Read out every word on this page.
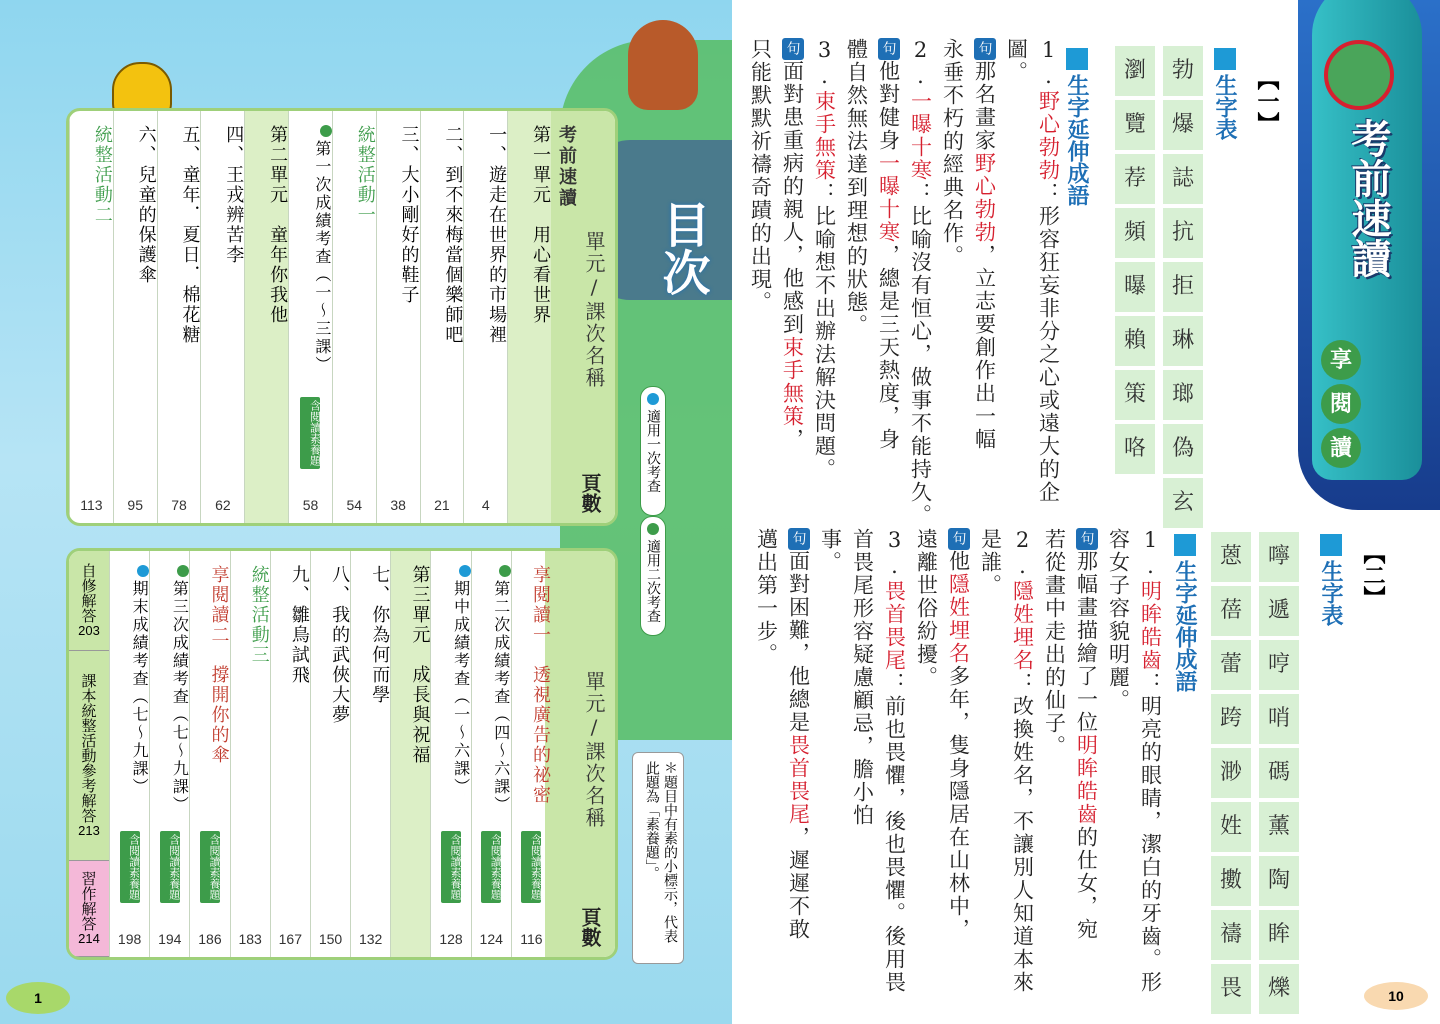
目次
適用一次考查
適用二次考查
＊題目中有素的小標示，代表此題為「素養題」。
考前速讀
單元/課次名稱
頁數
第一單元　用心看世界
一、遊走在世界的市場裡
4
二、到不來梅當個樂師吧
21
三、大小剛好的鞋子
38
統整活動一
54
第一次成績考查（一～三課）
含閱讀素養題
58
第二單元　童年你我他
四、王戎辨苦李
62
五、童年．夏日．棉花糖
78
六、兒童的保護傘
95
統整活動二
113
單元/課次名稱
頁數
享閱讀一　透視廣告的祕密
含閱讀素養題
116
第二次成績考查（四～六課）
含閱讀素養題
124
期中成績考查（一～六課）
含閱讀素養題
128
第三單元　成長與祝福
七、你為何而學
132
八、我的武俠大夢
150
九、雛鳥試飛
167
統整活動三
183
享閱讀二　撐開你的傘
含閱讀素養題
186
第三次成績考查（七～九課）
含閱讀素養題
194
期末成績考查（七～九課）
含閱讀素養題
198
自修解答
203
課本統整活動參考解答
213
習作解答
214
1
考前速讀
享
閱
讀
【一】
生字表
勃
爆
誌
抗
拒
琳
瑯
偽
玄
瀏
覽
荐
頻
曝
賴
策
咯
生字延伸成語
1.野心勃勃：形容狂妄非分之心或遠大的企
圖。
句那名畫家野心勃勃，立志要創作出一幅
永垂不朽的經典名作。
2.一曝十寒：比喻沒有恒心，做事不能持久。
句他對健身一曝十寒，總是三天熱度，身
體自然無法達到理想的狀態。
3.束手無策：比喻想不出辦法解決問題。
句面對患重病的親人，他感到束手無策，
只能默默祈禱奇蹟的出現。
【二】
生字表
嚀
遞
哼
哨
碼
薰
陶
眸
爍
蒽
蓓
蕾
跨
渺
姓
擻
禱
畏
生字延伸成語
1.明眸皓齒：明亮的眼睛，潔白的牙齒。形
容女子容貌明麗。
句那幅畫描繪了一位明眸皓齒的仕女，宛
若從畫中走出的仙子。
2.隱姓埋名：改換姓名，不讓別人知道本來
是誰。
句他隱姓埋名多年，隻身隱居在山林中，
遠離世俗紛擾。
3.畏首畏尾：前也畏懼，後也畏懼。後用畏
首畏尾形容疑慮顧忌，膽小怕
事。
句面對困難，他總是畏首畏尾，遲遲不敢
邁出第一步。
10
